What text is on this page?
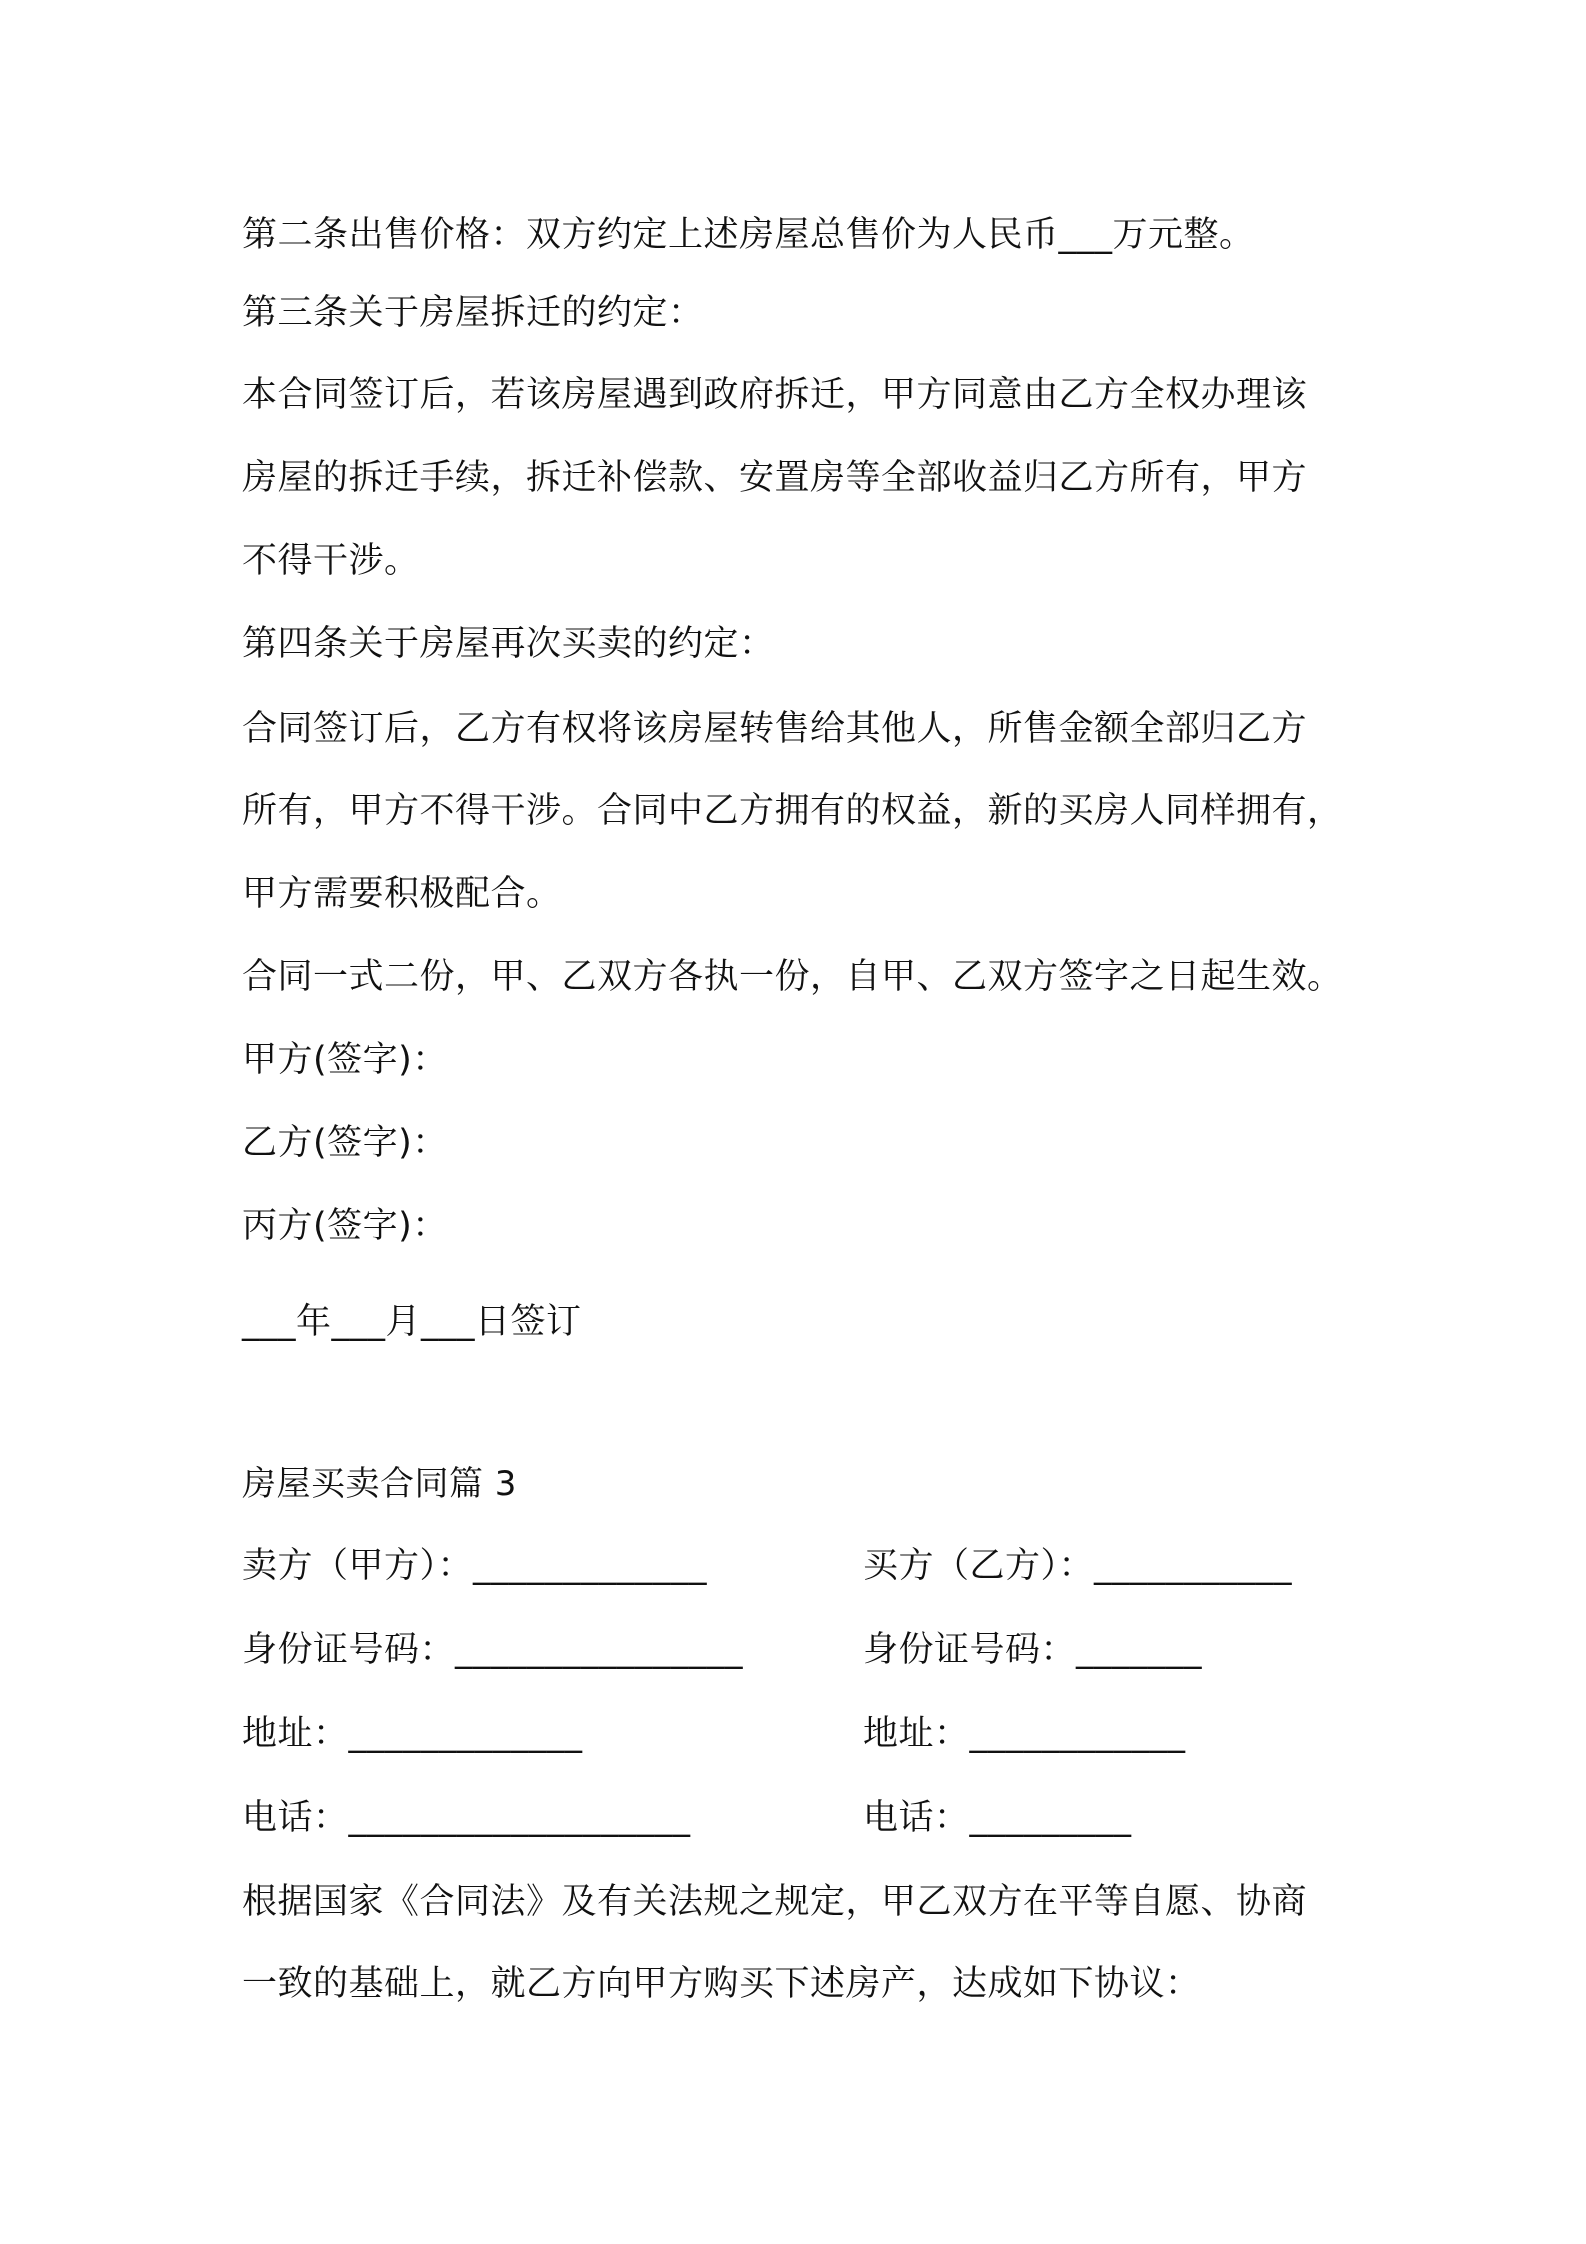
第二条出售价格：双方约定上述房屋总售价为人民币___万元整。
第三条关于房屋拆迁的约定：
本合同签订后，若该房屋遇到政府拆迁，甲方同意由乙方全权办理该
房屋的拆迁手续，拆迁补偿款、安置房等全部收益归乙方所有，甲方
不得干涉。
第四条关于房屋再次买卖的约定：
合同签订后，乙方有权将该房屋转售给其他人，所售金额全部归乙方
所有，甲方不得干涉。合同中乙方拥有的权益，新的买房人同样拥有，
甲方需要积极配合。
合同一式二份，甲、乙双方各执一份，自甲、乙双方签字之日起生效。
甲方(签字)：
乙方(签字)：
丙方(签字)：
___年___月___日签订
房屋买卖合同篇 3
卖方（甲方）：_____________	买方（乙方）：___________
身份证号码：________________	身份证号码：_______
地址：_____________	地址：____________
电话：___________________	电话：_________
根据国家《合同法》及有关法规之规定，甲乙双方在平等自愿、协商
一致的基础上，就乙方向甲方购买下述房产，达成如下协议：
